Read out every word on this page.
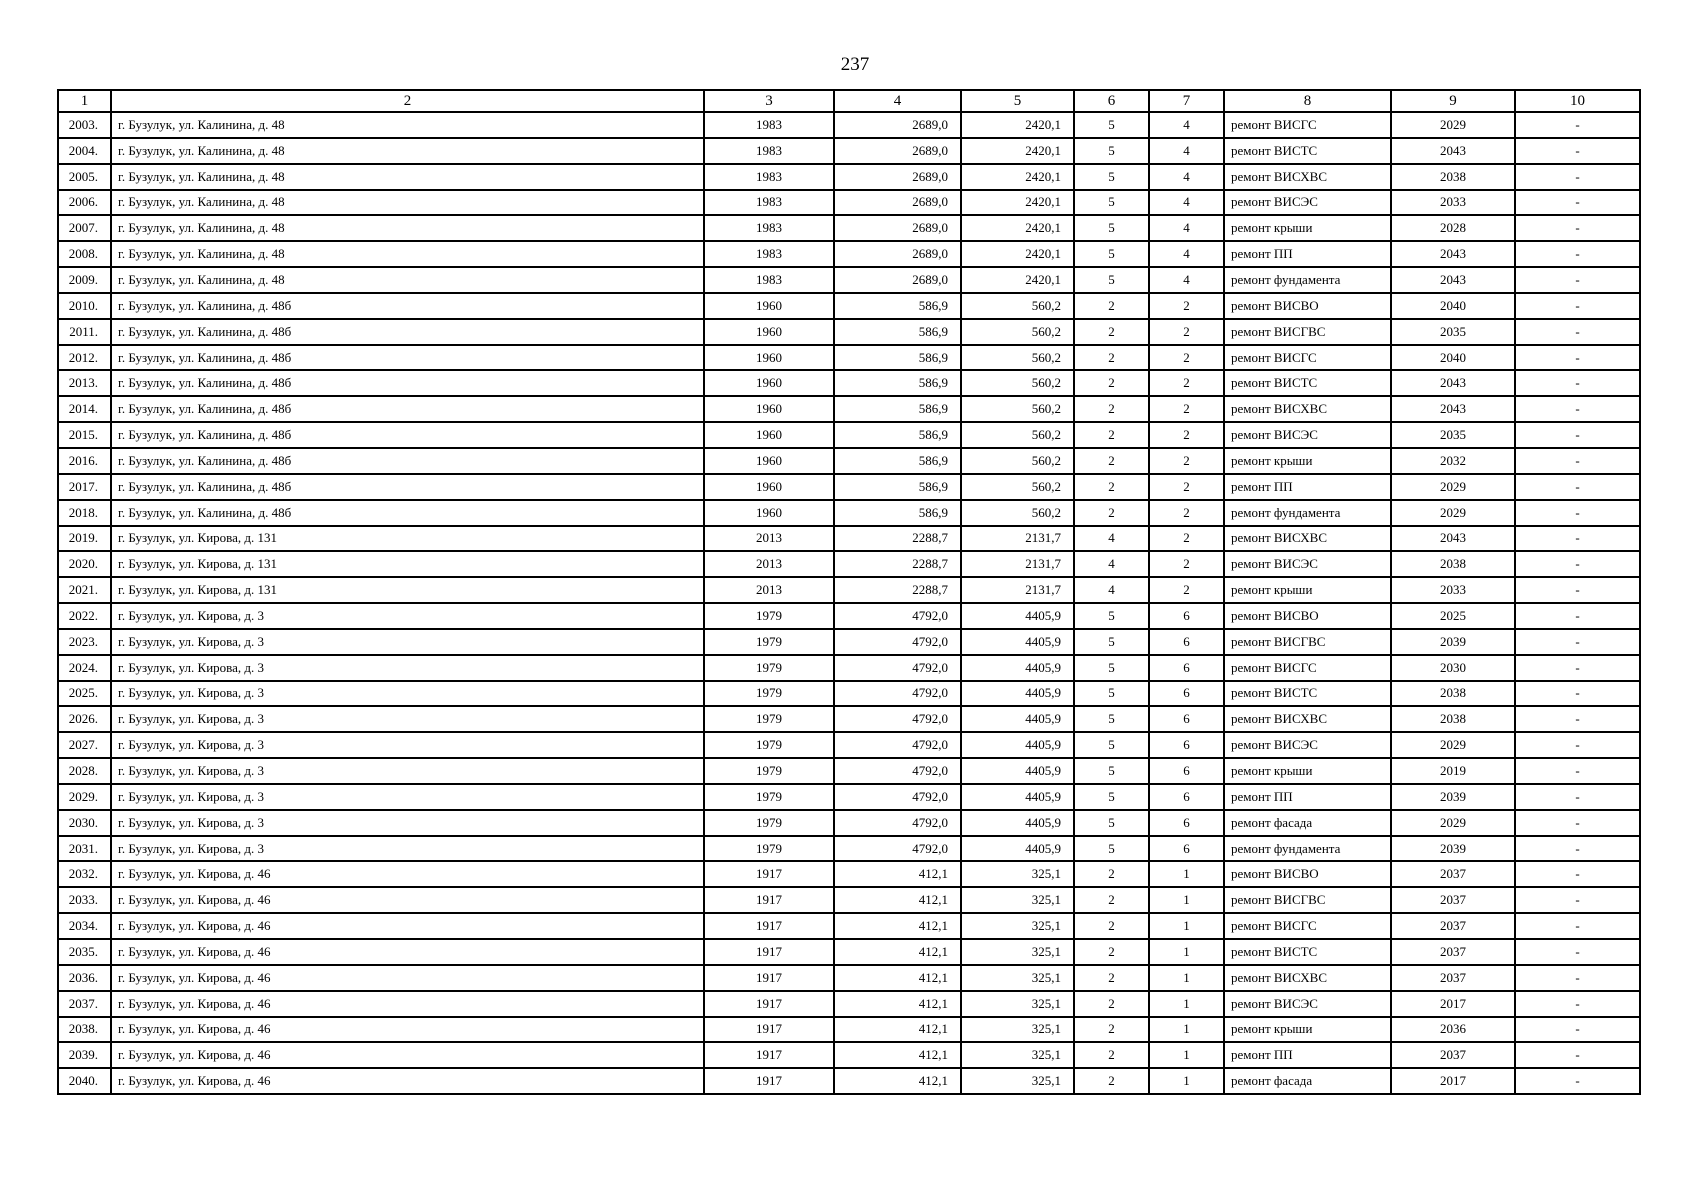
237
1	2	3	4	5	6	7	8	9	10
2003.	г. Бузулук, ул. Калинина, д. 48	1983	2689,0	2420,1	5	4	ремонт ВИСГС	2029	-
2004.	г. Бузулук, ул. Калинина, д. 48	1983	2689,0	2420,1	5	4	ремонт ВИСТС	2043	-
2005.	г. Бузулук, ул. Калинина, д. 48	1983	2689,0	2420,1	5	4	ремонт ВИСХВС	2038	-
2006.	г. Бузулук, ул. Калинина, д. 48	1983	2689,0	2420,1	5	4	ремонт ВИСЭС	2033	-
2007.	г. Бузулук, ул. Калинина, д. 48	1983	2689,0	2420,1	5	4	ремонт крыши	2028	-
2008.	г. Бузулук, ул. Калинина, д. 48	1983	2689,0	2420,1	5	4	ремонт ПП	2043	-
2009.	г. Бузулук, ул. Калинина, д. 48	1983	2689,0	2420,1	5	4	ремонт фундамента	2043	-
2010.	г. Бузулук, ул. Калинина, д. 48б	1960	586,9	560,2	2	2	ремонт ВИСВО	2040	-
2011.	г. Бузулук, ул. Калинина, д. 48б	1960	586,9	560,2	2	2	ремонт ВИСГВС	2035	-
2012.	г. Бузулук, ул. Калинина, д. 48б	1960	586,9	560,2	2	2	ремонт ВИСГС	2040	-
2013.	г. Бузулук, ул. Калинина, д. 48б	1960	586,9	560,2	2	2	ремонт ВИСТС	2043	-
2014.	г. Бузулук, ул. Калинина, д. 48б	1960	586,9	560,2	2	2	ремонт ВИСХВС	2043	-
2015.	г. Бузулук, ул. Калинина, д. 48б	1960	586,9	560,2	2	2	ремонт ВИСЭС	2035	-
2016.	г. Бузулук, ул. Калинина, д. 48б	1960	586,9	560,2	2	2	ремонт крыши	2032	-
2017.	г. Бузулук, ул. Калинина, д. 48б	1960	586,9	560,2	2	2	ремонт ПП	2029	-
2018.	г. Бузулук, ул. Калинина, д. 48б	1960	586,9	560,2	2	2	ремонт фундамента	2029	-
2019.	г. Бузулук, ул. Кирова, д. 131	2013	2288,7	2131,7	4	2	ремонт ВИСХВС	2043	-
2020.	г. Бузулук, ул. Кирова, д. 131	2013	2288,7	2131,7	4	2	ремонт ВИСЭС	2038	-
2021.	г. Бузулук, ул. Кирова, д. 131	2013	2288,7	2131,7	4	2	ремонт крыши	2033	-
2022.	г. Бузулук, ул. Кирова, д. 3	1979	4792,0	4405,9	5	6	ремонт ВИСВО	2025	-
2023.	г. Бузулук, ул. Кирова, д. 3	1979	4792,0	4405,9	5	6	ремонт ВИСГВС	2039	-
2024.	г. Бузулук, ул. Кирова, д. 3	1979	4792,0	4405,9	5	6	ремонт ВИСГС	2030	-
2025.	г. Бузулук, ул. Кирова, д. 3	1979	4792,0	4405,9	5	6	ремонт ВИСТС	2038	-
2026.	г. Бузулук, ул. Кирова, д. 3	1979	4792,0	4405,9	5	6	ремонт ВИСХВС	2038	-
2027.	г. Бузулук, ул. Кирова, д. 3	1979	4792,0	4405,9	5	6	ремонт ВИСЭС	2029	-
2028.	г. Бузулук, ул. Кирова, д. 3	1979	4792,0	4405,9	5	6	ремонт крыши	2019	-
2029.	г. Бузулук, ул. Кирова, д. 3	1979	4792,0	4405,9	5	6	ремонт ПП	2039	-
2030.	г. Бузулук, ул. Кирова, д. 3	1979	4792,0	4405,9	5	6	ремонт фасада	2029	-
2031.	г. Бузулук, ул. Кирова, д. 3	1979	4792,0	4405,9	5	6	ремонт фундамента	2039	-
2032.	г. Бузулук, ул. Кирова, д. 46	1917	412,1	325,1	2	1	ремонт ВИСВО	2037	-
2033.	г. Бузулук, ул. Кирова, д. 46	1917	412,1	325,1	2	1	ремонт ВИСГВС	2037	-
2034.	г. Бузулук, ул. Кирова, д. 46	1917	412,1	325,1	2	1	ремонт ВИСГС	2037	-
2035.	г. Бузулук, ул. Кирова, д. 46	1917	412,1	325,1	2	1	ремонт ВИСТС	2037	-
2036.	г. Бузулук, ул. Кирова, д. 46	1917	412,1	325,1	2	1	ремонт ВИСХВС	2037	-
2037.	г. Бузулук, ул. Кирова, д. 46	1917	412,1	325,1	2	1	ремонт ВИСЭС	2017	-
2038.	г. Бузулук, ул. Кирова, д. 46	1917	412,1	325,1	2	1	ремонт крыши	2036	-
2039.	г. Бузулук, ул. Кирова, д. 46	1917	412,1	325,1	2	1	ремонт ПП	2037	-
2040.	г. Бузулук, ул. Кирова, д. 46	1917	412,1	325,1	2	1	ремонт фасада	2017	-
